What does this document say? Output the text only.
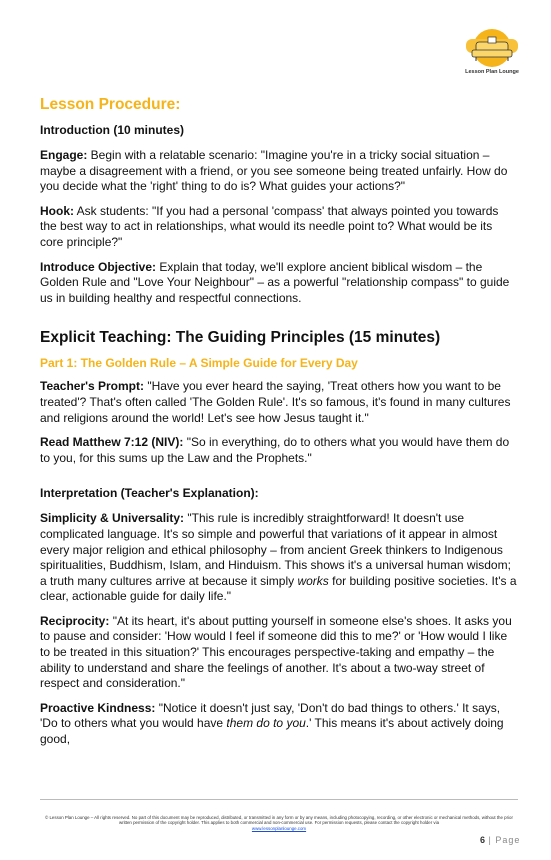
Lesson Plan Lounge
Lesson Procedure:
Introduction (10 minutes)

Engage: Begin with a relatable scenario: "Imagine you're in a tricky social situation – maybe a disagreement with a friend, or you see someone being treated unfairly. How do you decide what the 'right' thing to do is? What guides your actions?"

Hook: Ask students: "If you had a personal 'compass' that always pointed you towards the best way to act in relationships, what would its needle point to? What would be its core principle?"

Introduce Objective: Explain that today, we'll explore ancient biblical wisdom – the Golden Rule and "Love Your Neighbour" – as a powerful "relationship compass" to guide us in building healthy and respectful connections.

Explicit Teaching: The Guiding Principles (15 minutes)
Part 1: The Golden Rule – A Simple Guide for Every Day

Teacher's Prompt: "Have you ever heard the saying, 'Treat others how you want to be treated'? That's often called 'The Golden Rule'. It's so famous, it's found in many cultures and religions around the world! Let's see how Jesus taught it."

Read Matthew 7:12 (NIV): "So in everything, do to others what you would have them do to you, for this sums up the Law and the Prophets."

Interpretation (Teacher's Explanation):

Simplicity & Universality: "This rule is incredibly straightforward! It doesn't use complicated language. It's so simple and powerful that variations of it appear in almost every major religion and ethical philosophy – from ancient Greek thinkers to Indigenous spiritualities, Buddhism, Islam, and Hinduism. This shows it's a universal human wisdom; a truth many cultures arrive at because it simply works for building positive societies. It's a clear, actionable guide for daily life."

Reciprocity: "At its heart, it's about putting yourself in someone else's shoes. It asks you to pause and consider: 'How would I feel if someone did this to me?' or 'How would I like to be treated in this situation?' This encourages perspective-taking and empathy – the ability to understand and share the feelings of another. It's about a two-way street of respect and consideration."

Proactive Kindness: "Notice it doesn't just say, 'Don't do bad things to others.' It says, 'Do to others what you would have them do to you.' This means it's about actively doing good,

© Lesson Plan Lounge – All rights reserved. No part of this document may be reproduced, distributed, or transmitted in any form or by any means, including photocopying, recording, or other electronic or mechanical methods, without the prior written permission of the copyright holder. This applies to both commercial and non-commercial use. For permission requests, please contact the copyright holder via
www.lessonplanlounge.com
6 | Page
